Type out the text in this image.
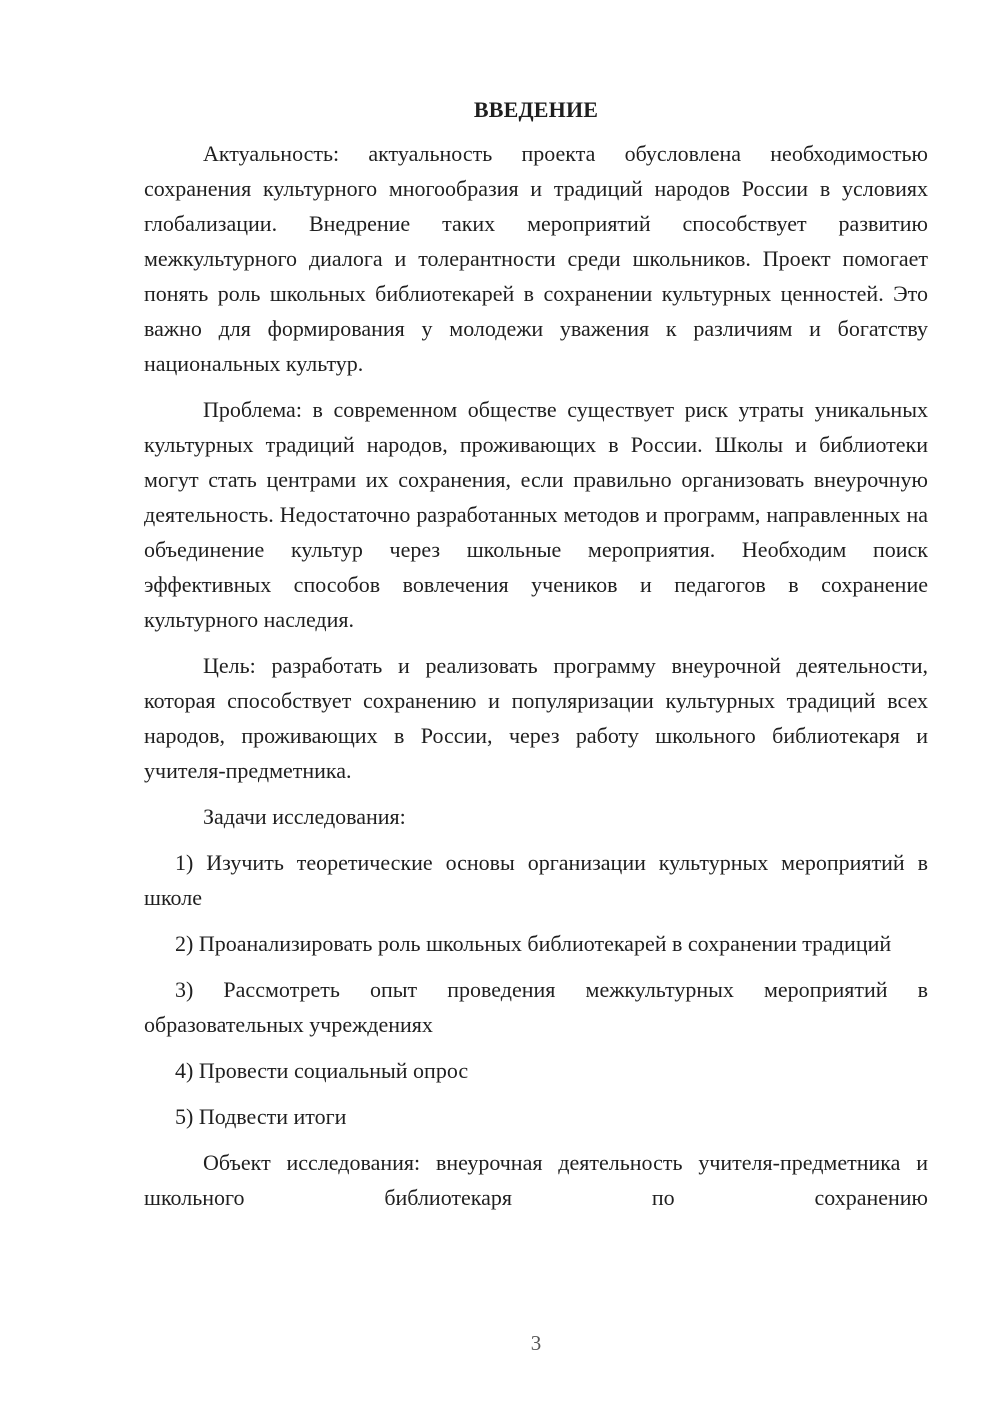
ВВЕДЕНИЕ

Актуальность: актуальность проекта обусловлена необходимостью сохранения культурного многообразия и традиций народов России в условиях глобализации. Внедрение таких мероприятий способствует развитию межкультурного диалога и толерантности среди школьников. Проект помогает понять роль школьных библиотекарей в сохранении культурных ценностей. Это важно для формирования у молодежи уважения к различиям и богатству национальных культур.

Проблема: в современном обществе существует риск утраты уникальных культурных традиций народов, проживающих в России. Школы и библиотеки могут стать центрами их сохранения, если правильно организовать внеурочную деятельность. Недостаточно разработанных методов и программ, направленных на объединение культур через школьные мероприятия. Необходим поиск эффективных способов вовлечения учеников и педагогов в сохранение культурного наследия.

Цель: разработать и реализовать программу внеурочной деятельности, которая способствует сохранению и популяризации культурных традиций всех народов, проживающих в России, через работу школьного библиотекаря и учителя-предметника.

Задачи исследования:

1) Изучить теоретические основы организации культурных мероприятий в школе

2) Проанализировать роль школьных библиотекарей в сохранении традиций

3) Рассмотреть опыт проведения межкультурных мероприятий в образовательных учреждениях

4) Провести социальный опрос

5) Подвести итоги

Объект исследования: внеурочная деятельность учителя-предметника и школьного библиотекаря по сохранению

3
